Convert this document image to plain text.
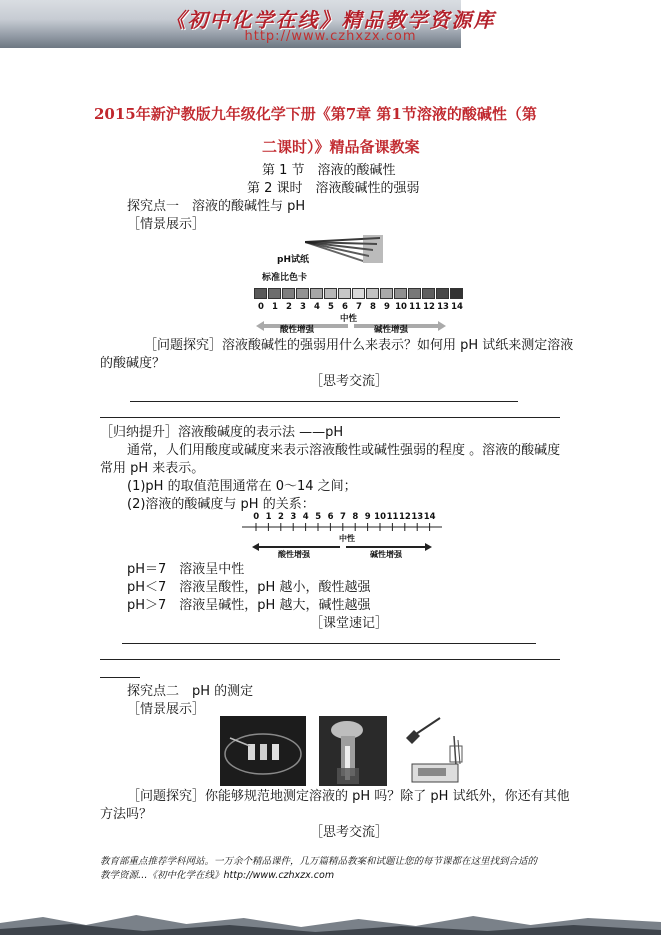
《初中化学在线》精品教学资源库
http://www.czhxzx.com
2015年新沪教版九年级化学下册《第7章 第1节溶液的酸碱性（第
二课时）》精品备课教案
第 1 节　溶液的酸碱性
第 2 课时　溶液酸碱性的强弱
探究点一　溶液的酸碱性与 pH
［情景展示］
pH试纸
标准比色卡
0 1 2 3 4 5 6 7 8 9 10 11 12 13 14
中性
酸性增强	碱性增强
［问题探究］溶液酸碱性的强弱用什么来表示？如何用 pH 试纸来测定溶液
的酸碱度？
［思考交流］
［归纳提升］溶液酸碱度的表示法 ——pH
通常，人们用酸度或碱度来表示溶液酸性或碱性强弱的程度 。溶液的酸碱度
常用 pH 来表示。
(1)pH 的取值范围通常在 0～14 之间；
(2)溶液的酸碱度与 pH 的关系：
0 1 2 3 4 5 6 7 8 9 10 11 12 13 14
中性
酸性增强	碱性增强
pH＝7　溶液呈中性
pH＜7　溶液呈酸性，pH 越小，酸性越强
pH＞7　溶液呈碱性，pH 越大，碱性越强
［课堂速记］
探究点二　pH 的测定
［情景展示］
［问题探究］你能够规范地测定溶液的 pH 吗？除了 pH 试纸外，你还有其他
方法吗？
［思考交流］
教育部重点推荐学科网站。一万余个精品课件，几万篇精品教案和试题让您的每节课都在这里找到合适的
教学资源…《初中化学在线》http://www.czhxzx.com
